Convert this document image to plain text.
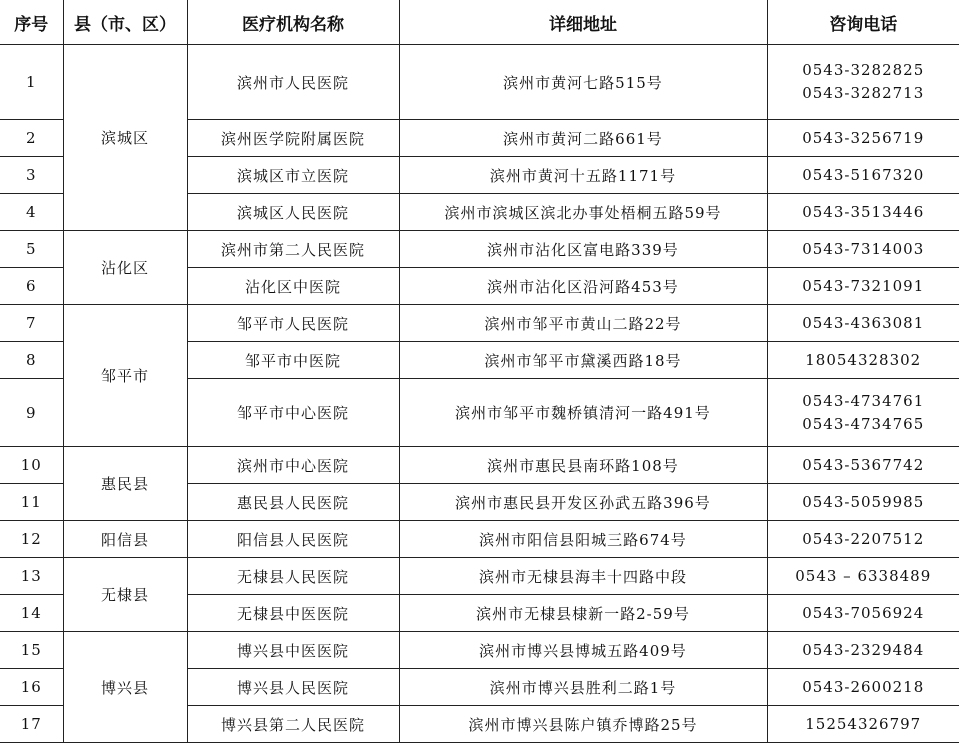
序号	县（市、区）	医疗机构名称	详细地址	咨询电话
1	滨城区	滨州市人民医院	滨州市黄河七路515号	0543-3282825
0543-3282713

2		滨州医学院附属医院	滨州市黄河二路661号	0543-3256719

3		滨城区市立医院	滨州市黄河十五路1171号	0543-5167320

4		滨城区人民医院	滨州市滨城区滨北办事处梧桐五路59号	0543-3513446

5	沾化区	滨州市第二人民医院	滨州市沾化区富电路339号	0543-7314003

6		沾化区中医院	滨州市沾化区沿河路453号	0543-7321091

7	邹平市	邹平市人民医院	滨州市邹平市黄山二路22号	0543-4363081

8		邹平市中医院	滨州市邹平市黛溪西路18号	18054328302

9		邹平市中心医院	滨州市邹平市魏桥镇清河一路491号	0543-4734761
0543-4734765

10	惠民县	滨州市中心医院	滨州市惠民县南环路108号	0543-5367742

11		惠民县人民医院	滨州市惠民县开发区孙武五路396号	0543-5059985

12	阳信县	阳信县人民医院	滨州市阳信县阳城三路674号	0543-2207512

13	无棣县	无棣县人民医院	滨州市无棣县海丰十四路中段	0543 – 6338489

14		无棣县中医医院	滨州市无棣县棣新一路2-59号	0543-7056924

15	博兴县	博兴县中医医院	滨州市博兴县博城五路409号	0543-2329484

16		博兴县人民医院	滨州市博兴县胜利二路1号	0543-2600218

17		博兴县第二人民医院	滨州市博兴县陈户镇乔博路25号	15254326797
